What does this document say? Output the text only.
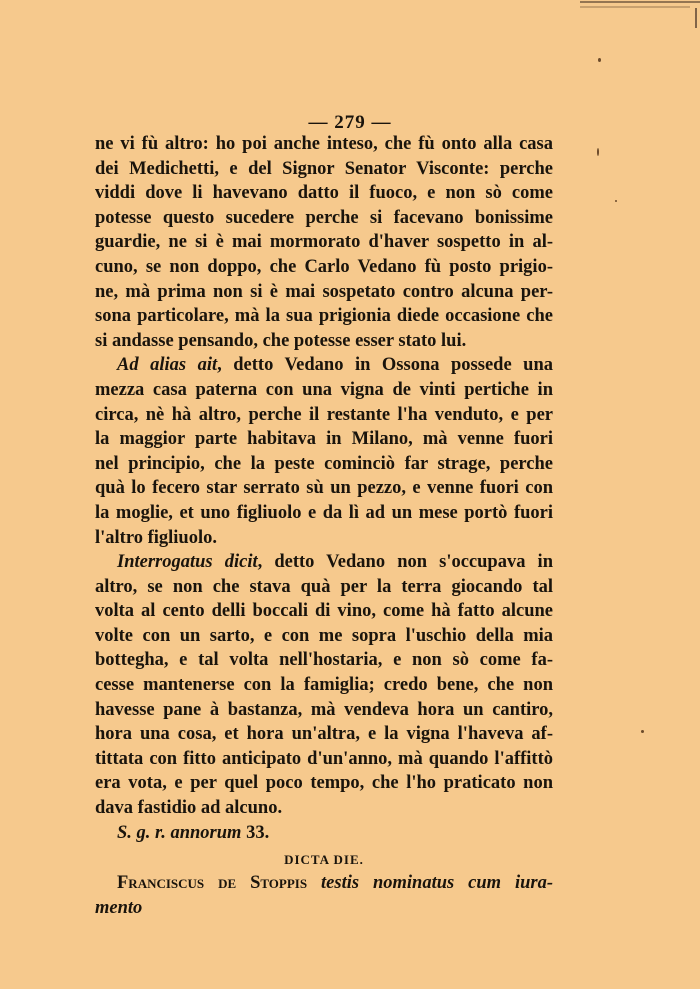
— 279 —
ne vi fù altro: ho poi anche inteso, che fù onto alla casa
dei Medichetti, e del Signor Senator Visconte: perche
viddi dove li havevano datto il fuoco, e non sò come
potesse questo sucedere perche si facevano bonissime
guardie, ne si è mai mormorato d'haver sospetto in al-
cuno, se non doppo, che Carlo Vedano fù posto prigio-
ne, mà prima non si è mai sospetato contro alcuna per-
sona particolare, mà la sua prigionia diede occasione che
si andasse pensando, che potesse esser stato lui.
Ad alias ait, detto Vedano in Ossona possede una
mezza casa paterna con una vigna de vinti pertiche in
circa, nè hà altro, perche il restante l'ha venduto, e per
la maggior parte habitava in Milano, mà venne fuori
nel principio, che la peste cominciò far strage, perche
quà lo fecero star serrato sù un pezzo, e venne fuori con
la moglie, et uno figliuolo e da lì ad un mese portò fuori
l'altro figliuolo.
Interrogatus dicit, detto Vedano non s'occupava in
altro, se non che stava quà per la terra giocando tal
volta al cento delli boccali di vino, come hà fatto alcune
volte con un sarto, e con me sopra l'uschio della mia
bottegha, e tal volta nell'hostaria, e non sò come fa-
cesse mantenerse con la famiglia; credo bene, che non
havesse pane à bastanza, mà vendeva hora un cantiro,
hora una cosa, et hora un'altra, e la vigna l'haveva af-
tittata con fitto anticipato d'un'anno, mà quando l'affittò
era vota, e per quel poco tempo, che l'ho praticato non
dava fastidio ad alcuno.
S. g. r. annorum 33.
DICTA DIE.
Franciscus de Stoppis testis nominatus cum iura-
mento
